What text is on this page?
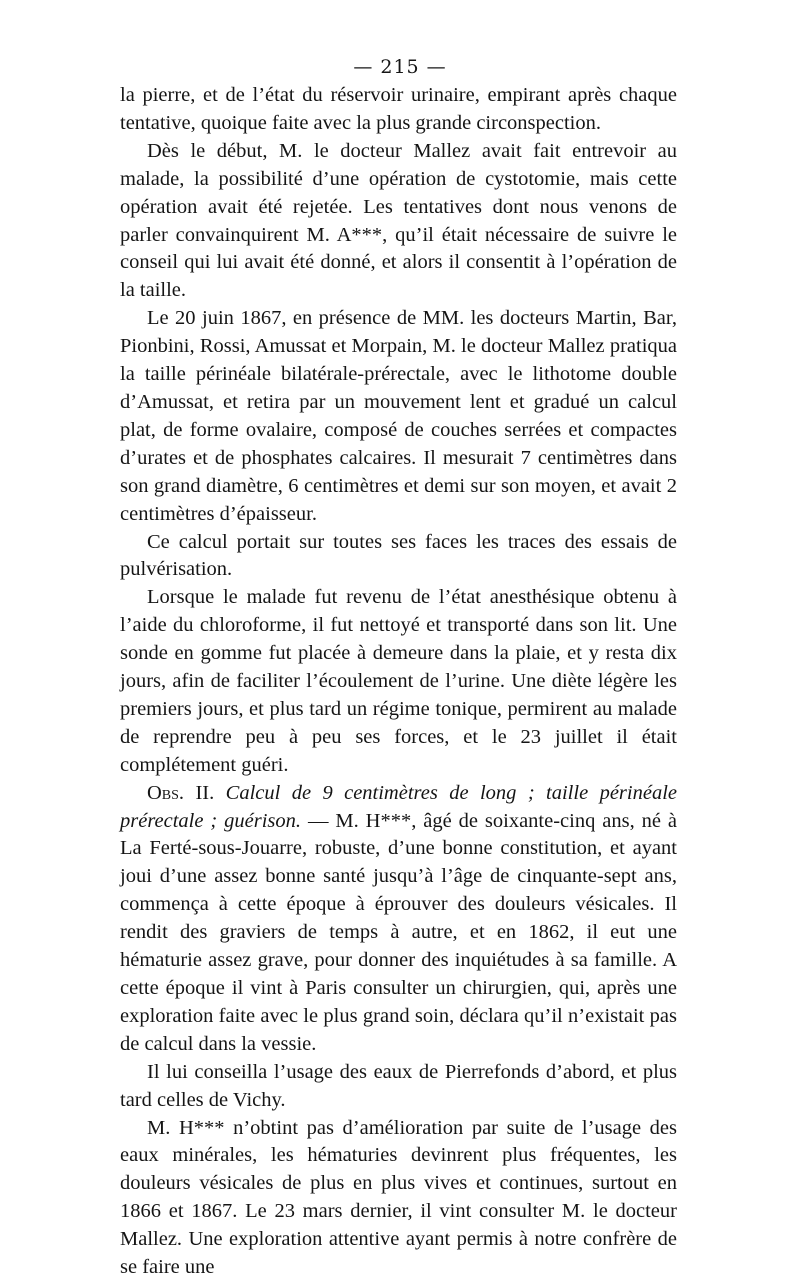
— 215 —

la pierre, et de l’état du réservoir urinaire, empirant après chaque tentative, quoique faite avec la plus grande circonspection.

Dès le début, M. le docteur Mallez avait fait entrevoir au malade, la possibilité d’une opération de cystotomie, mais cette opération avait été rejetée. Les tentatives dont nous venons de parler convainquirent M. A***, qu’il était nécessaire de suivre le conseil qui lui avait été donné, et alors il consentit à l’opération de la taille.

Le 20 juin 1867, en présence de MM. les docteurs Martin, Bar, Pionbini, Rossi, Amussat et Morpain, M. le docteur Mallez pratiqua la taille périnéale bilatérale-prérectale, avec le lithotome double d’Amussat, et retira par un mouvement lent et gradué un calcul plat, de forme ovalaire, composé de couches serrées et compactes d’urates et de phosphates calcaires. Il mesurait 7 centimètres dans son grand diamètre, 6 centimètres et demi sur son moyen, et avait 2 centimètres d’épaisseur.

Ce calcul portait sur toutes ses faces les traces des essais de pulvérisation.

Lorsque le malade fut revenu de l’état anesthésique obtenu à l’aide du chloroforme, il fut nettoyé et transporté dans son lit. Une sonde en gomme fut placée à demeure dans la plaie, et y resta dix jours, afin de faciliter l’écoulement de l’urine. Une diète légère les premiers jours, et plus tard un régime tonique, permirent au malade de reprendre peu à peu ses forces, et le 23 juillet il était complétement guéri.

Obs. II. Calcul de 9 centimètres de long ; taille périnéale prérectale ; guérison. — M. H***, âgé de soixante-cinq ans, né à La Ferté-sous-Jouarre, robuste, d’une bonne constitution, et ayant joui d’une assez bonne santé jusqu’à l’âge de cinquante-sept ans, commença à cette époque à éprouver des douleurs vésicales. Il rendit des graviers de temps à autre, et en 1862, il eut une hématurie assez grave, pour donner des inquiétudes à sa famille. A cette époque il vint à Paris consulter un chirurgien, qui, après une exploration faite avec le plus grand soin, déclara qu’il n’existait pas de calcul dans la vessie.

Il lui conseilla l’usage des eaux de Pierrefonds d’abord, et plus tard celles de Vichy.

M. H*** n’obtint pas d’amélioration par suite de l’usage des eaux minérales, les hématuries devinrent plus fréquentes, les douleurs vésicales de plus en plus vives et continues, surtout en 1866 et 1867. Le 23 mars dernier, il vint consulter M. le docteur Mallez. Une exploration attentive ayant permis à notre confrère de se faire une
